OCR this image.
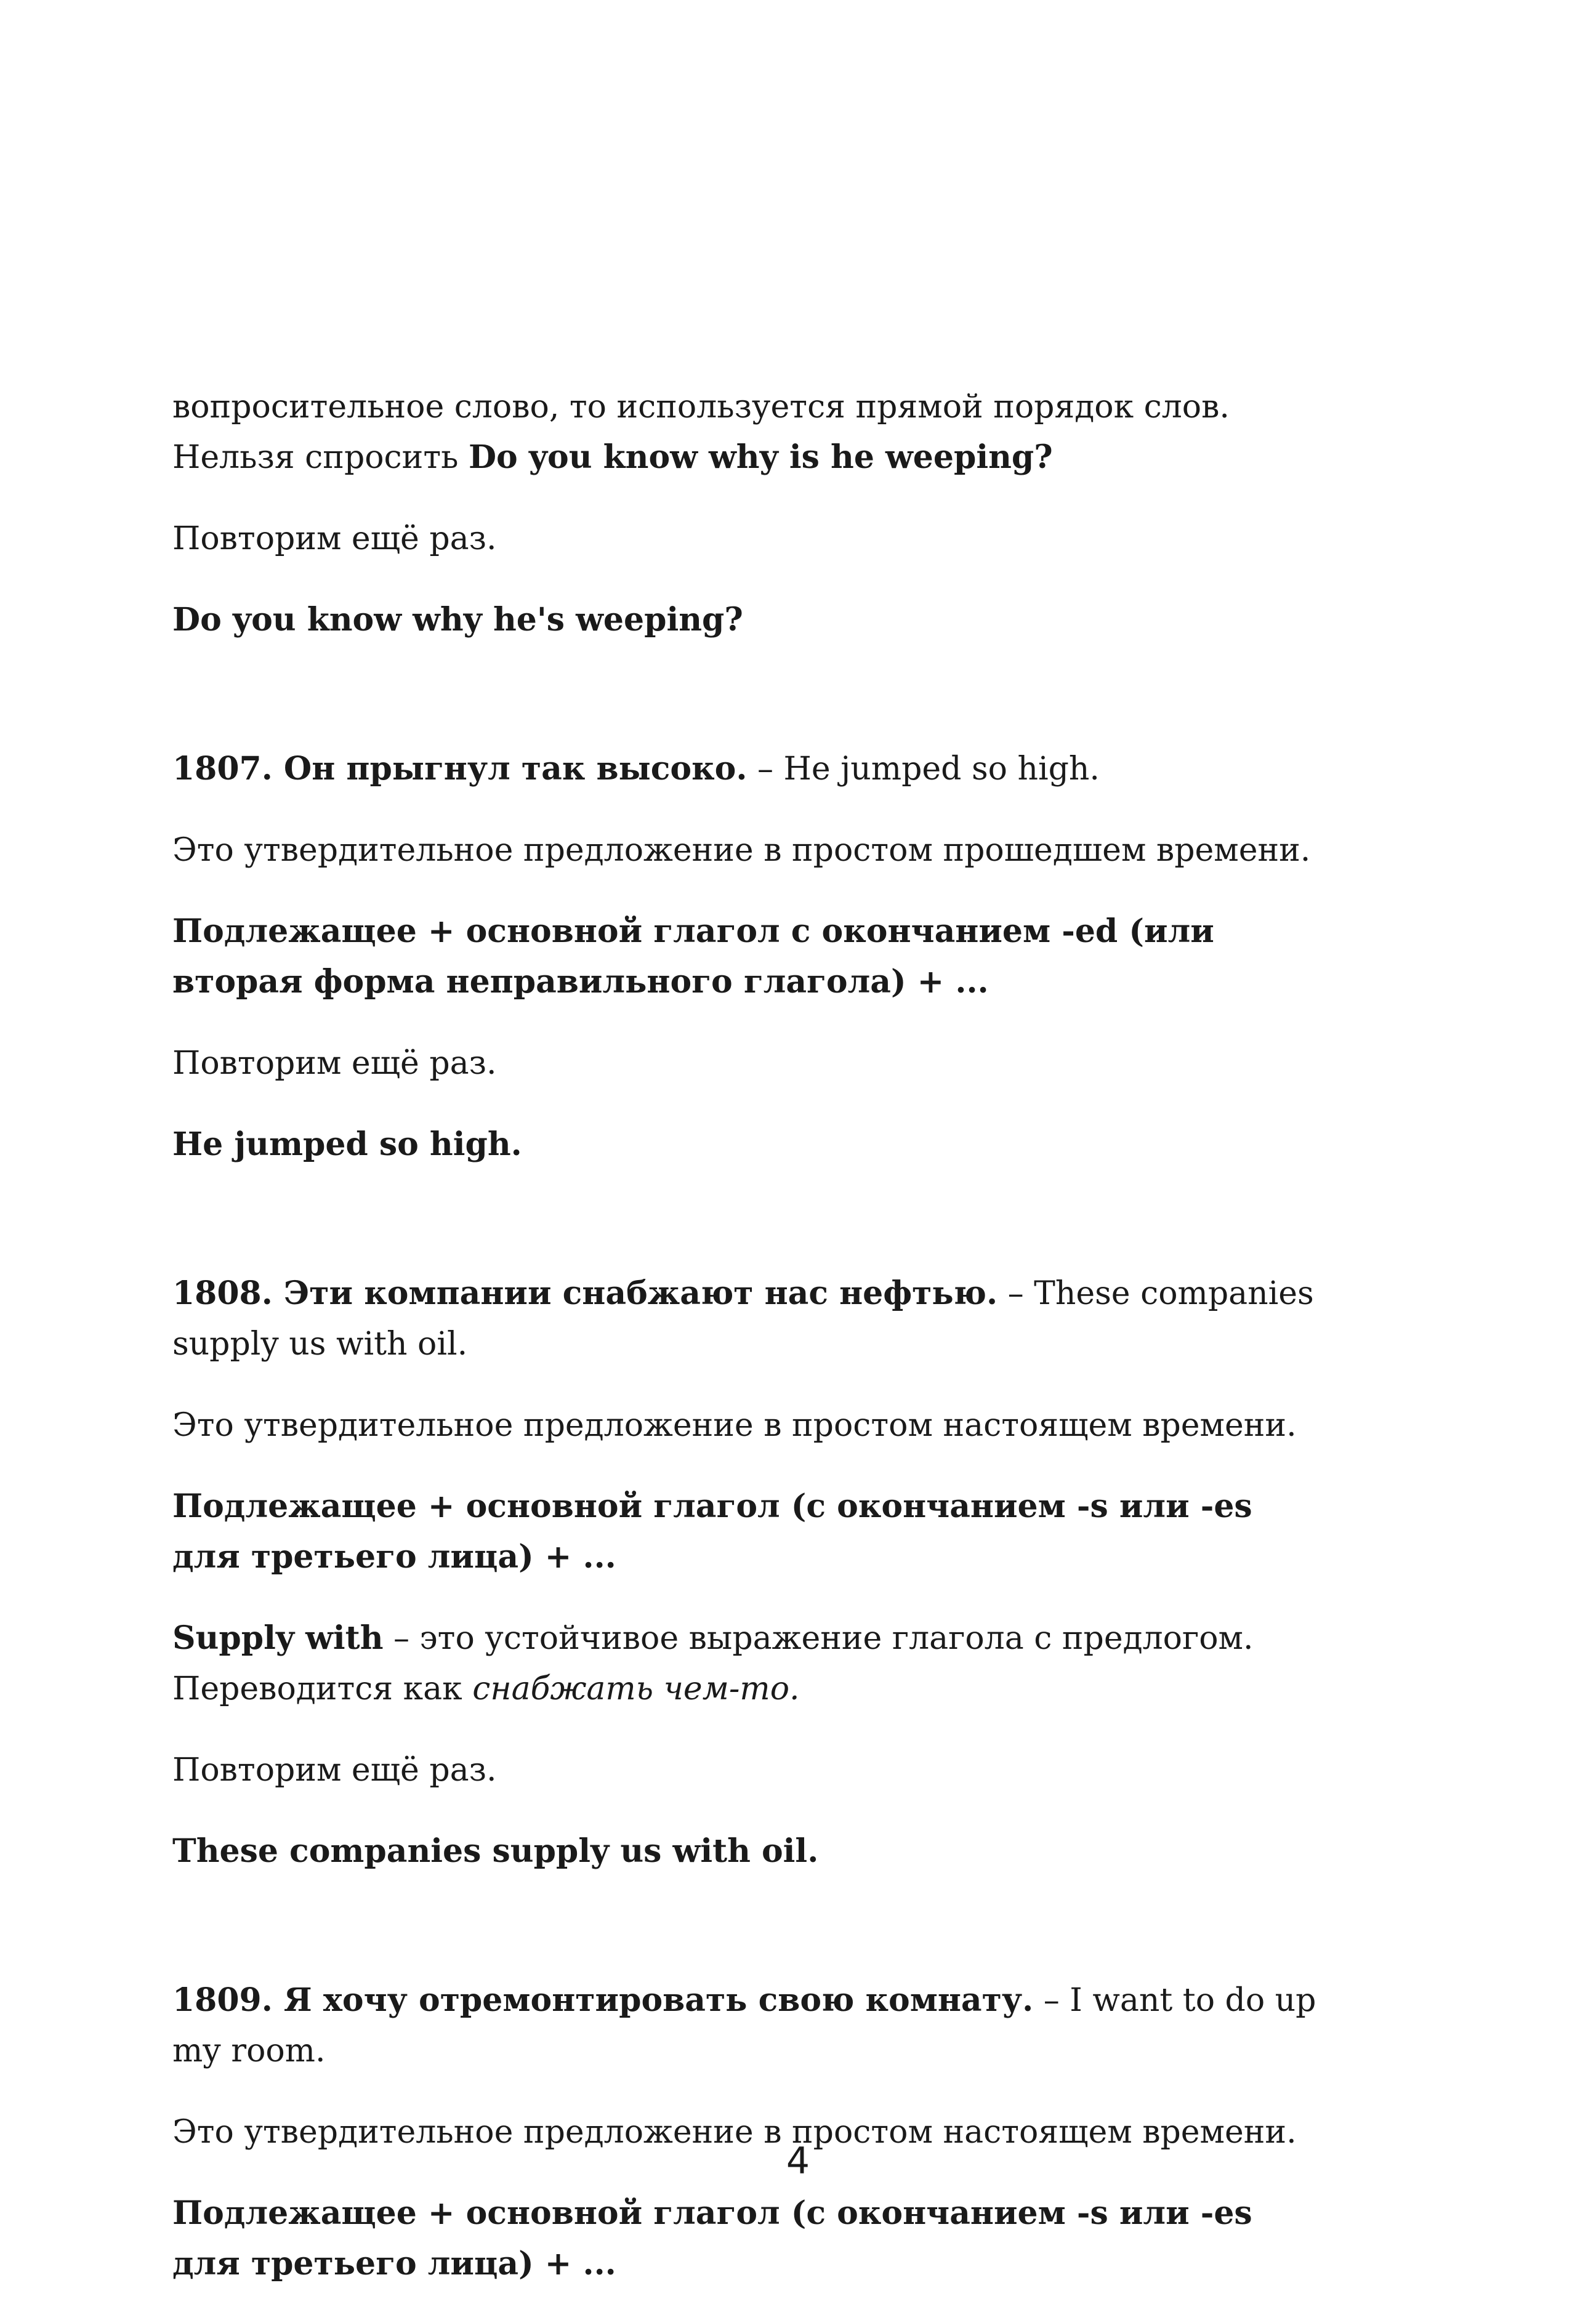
вопросительное слово, то используется прямой порядок слов. Нельзя спросить Do you know why is he weeping?

Повторим ещё раз.

Do you know why he's weeping?

1807. Он прыгнул так высоко. – He jumped so high.

Это утвердительное предложение в простом прошедшем времени.

Подлежащее + основной глагол с окончанием -ed (или вторая форма неправильного глагола) + ...

Повторим ещё раз.

He jumped so high.

1808. Эти компании снабжают нас нефтью. – These companies supply us with oil.

Это утвердительное предложение в простом настоящем времени.

Подлежащее + основной глагол (с окончанием -s или -es для третьего лица) + ...

Supply with – это устойчивое выражение глагола с предлогом. Переводится как снабжать чем-то.

Повторим ещё раз.

These companies supply us with oil.

1809. Я хочу отремонтировать свою комнату. – I want to do up my room.

Это утвердительное предложение в простом настоящем времени.

Подлежащее + основной глагол (с окончанием -s или -es для третьего лица) + ...

4
